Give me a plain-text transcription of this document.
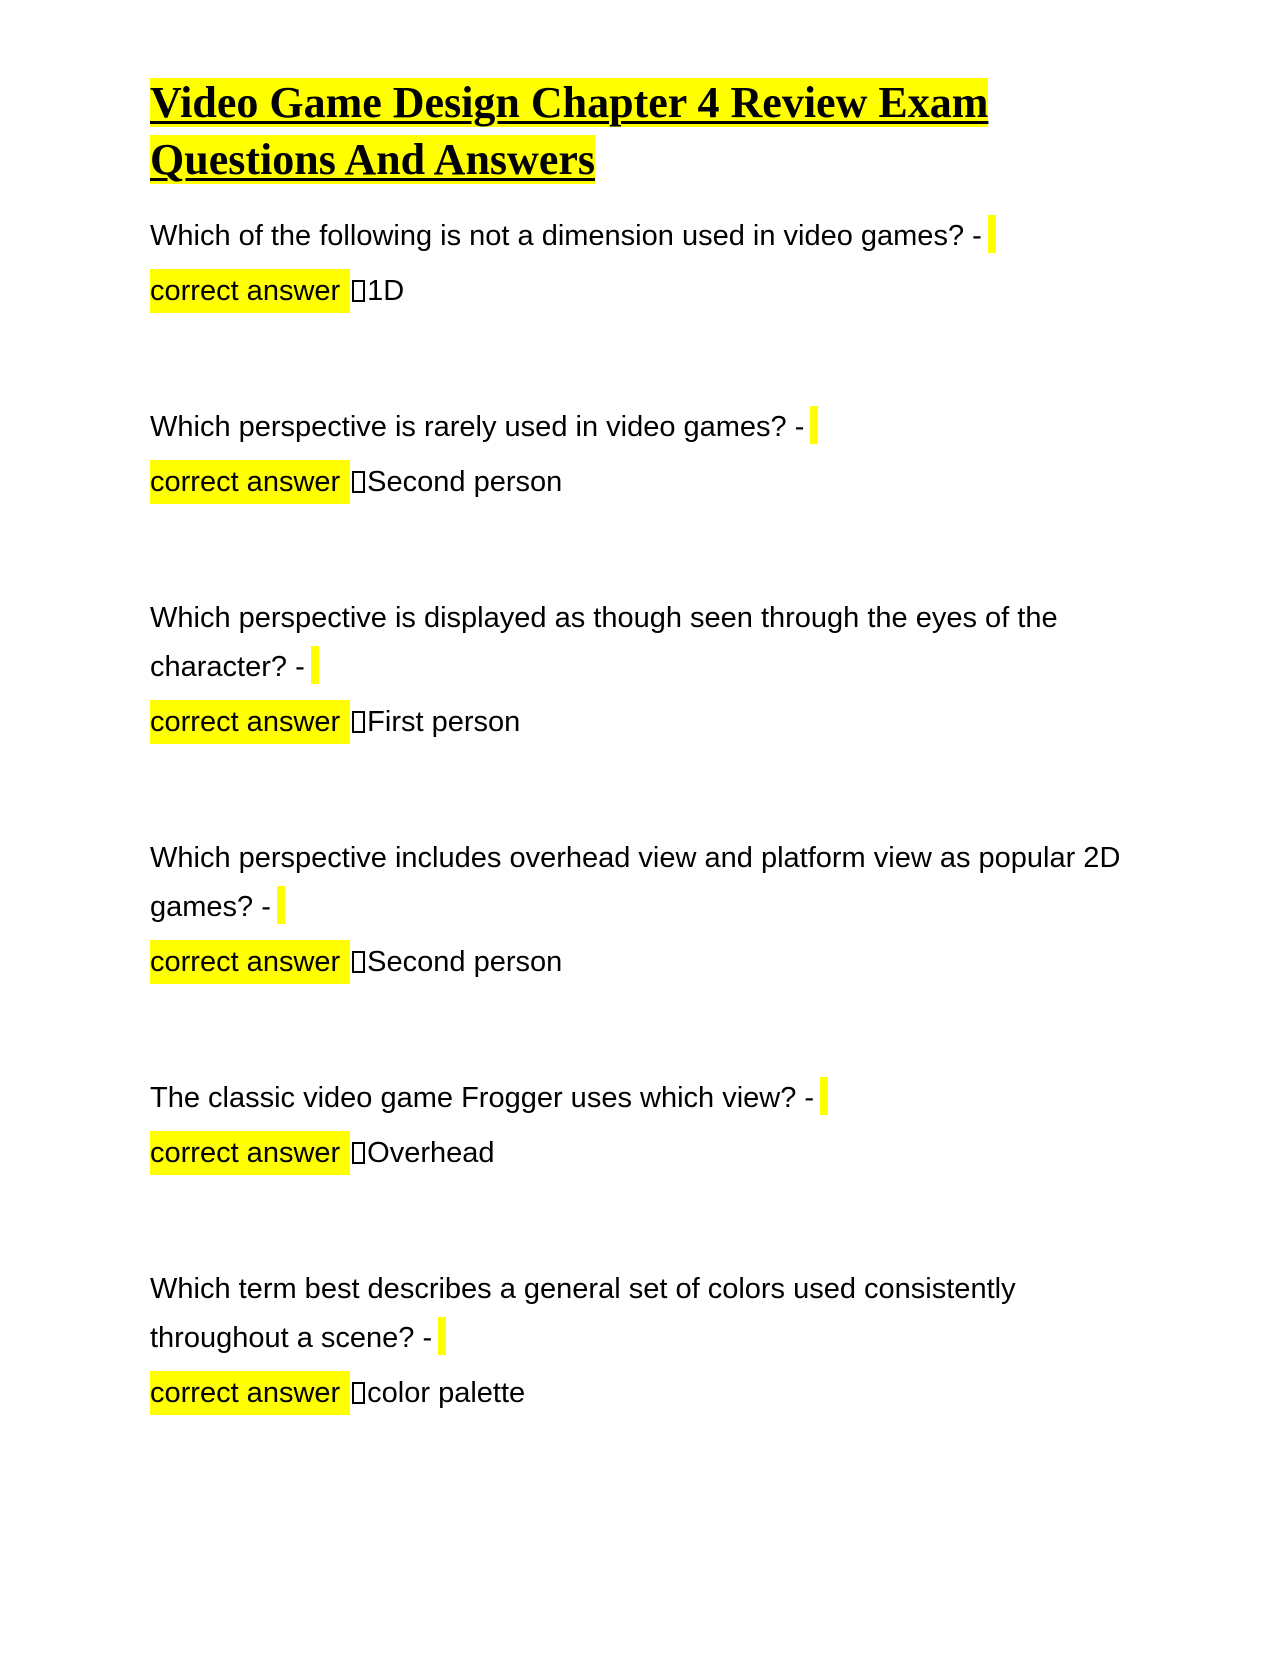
Video Game Design Chapter 4 Review Exam Questions And Answers
Which of the following is not a dimension used in video games? -
correct answer 1D
Which perspective is rarely used in video games? -
correct answer Second person
Which perspective is displayed as though seen through the eyes of the character? -
correct answer First person
Which perspective includes overhead view and platform view as popular 2D games? -
correct answer Second person
The classic video game Frogger uses which view? -
correct answer Overhead
Which term best describes a general set of colors used consistently throughout a scene? -
correct answer color palette
